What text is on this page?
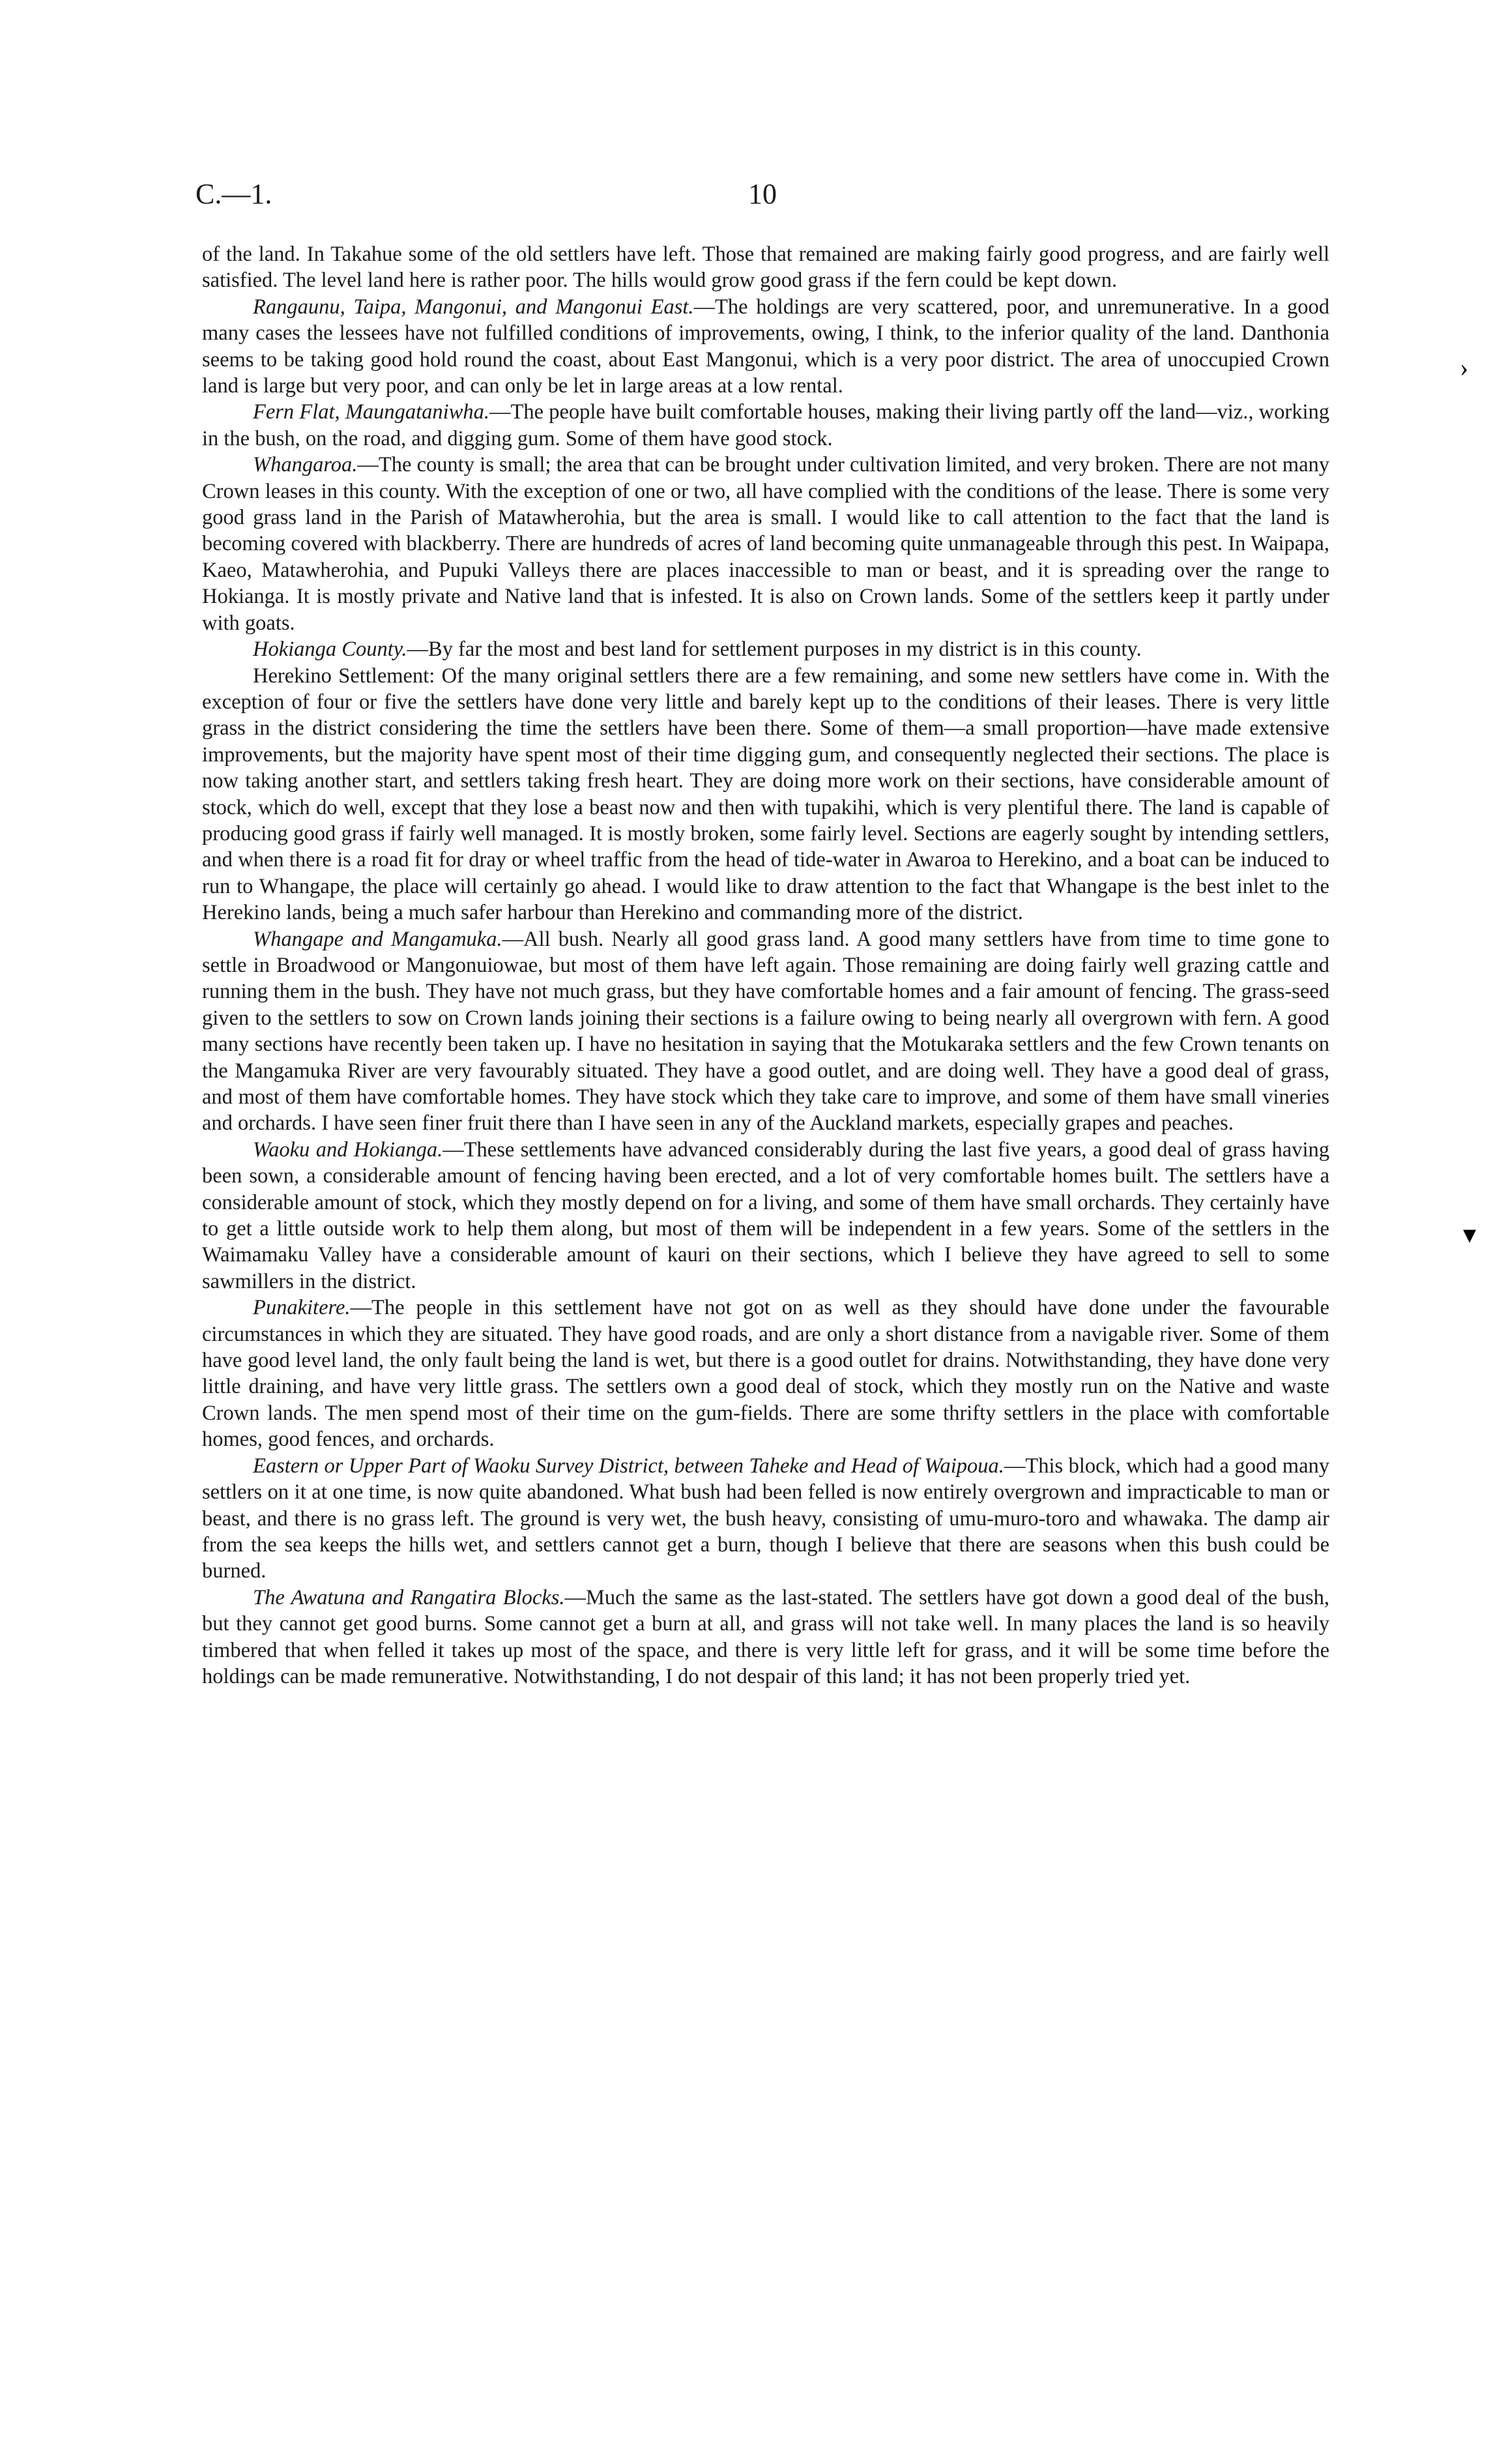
C.—1.	10

of the land. In Takahue some of the old settlers have left. Those that remained are making fairly good progress, and are fairly well satisfied. The level land here is rather poor. The hills would grow good grass if the fern could be kept down.

Rangaunu, Taipa, Mangonui, and Mangonui East.—The holdings are very scattered, poor, and unremunerative. In a good many cases the lessees have not fulfilled conditions of improvements, owing, I think, to the inferior quality of the land. Danthonia seems to be taking good hold round the coast, about East Mangonui, which is a very poor district. The area of unoccupied Crown land is large but very poor, and can only be let in large areas at a low rental.

Fern Flat, Maungataniwha.—The people have built comfortable houses, making their living partly off the land—viz., working in the bush, on the road, and digging gum. Some of them have good stock.

Whangaroa.—The county is small; the area that can be brought under cultivation limited, and very broken. There are not many Crown leases in this county. With the exception of one or two, all have complied with the conditions of the lease. There is some very good grass land in the Parish of Matawherohia, but the area is small. I would like to call attention to the fact that the land is becoming covered with blackberry. There are hundreds of acres of land becoming quite unmanageable through this pest. In Waipapa, Kaeo, Matawherohia, and Pupuki Valleys there are places inaccessible to man or beast, and it is spreading over the range to Hokianga. It is mostly private and Native land that is infested. It is also on Crown lands. Some of the settlers keep it partly under with goats.

Hokianga County.—By far the most and best land for settlement purposes in my district is in this county.

Herekino Settlement: Of the many original settlers there are a few remaining, and some new settlers have come in. With the exception of four or five the settlers have done very little and barely kept up to the conditions of their leases. There is very little grass in the district considering the time the settlers have been there. Some of them—a small proportion—have made extensive improvements, but the majority have spent most of their time digging gum, and consequently neglected their sections. The place is now taking another start, and settlers taking fresh heart. They are doing more work on their sections, have considerable amount of stock, which do well, except that they lose a beast now and then with tupakihi, which is very plentiful there. The land is capable of producing good grass if fairly well managed. It is mostly broken, some fairly level. Sections are eagerly sought by intending settlers, and when there is a road fit for dray or wheel traffic from the head of tide-water in Awaroa to Herekino, and a boat can be induced to run to Whangape, the place will certainly go ahead. I would like to draw attention to the fact that Whangape is the best inlet to the Herekino lands, being a much safer harbour than Herekino and commanding more of the district.

Whangape and Mangamuka.—All bush. Nearly all good grass land. A good many settlers have from time to time gone to settle in Broadwood or Mangonuiowae, but most of them have left again. Those remaining are doing fairly well grazing cattle and running them in the bush. They have not much grass, but they have comfortable homes and a fair amount of fencing. The grass-seed given to the settlers to sow on Crown lands joining their sections is a failure owing to being nearly all overgrown with fern. A good many sections have recently been taken up. I have no hesitation in saying that the Motukaraka settlers and the few Crown tenants on the Mangamuka River are very favourably situated. They have a good outlet, and are doing well. They have a good deal of grass, and most of them have comfortable homes. They have stock which they take care to improve, and some of them have small vineries and orchards. I have seen finer fruit there than I have seen in any of the Auckland markets, especially grapes and peaches.

Waoku and Hokianga.—These settlements have advanced considerably during the last five years, a good deal of grass having been sown, a considerable amount of fencing having been erected, and a lot of very comfortable homes built. The settlers have a considerable amount of stock, which they mostly depend on for a living, and some of them have small orchards. They certainly have to get a little outside work to help them along, but most of them will be independent in a few years. Some of the settlers in the Waimamaku Valley have a considerable amount of kauri on their sections, which I believe they have agreed to sell to some sawmillers in the district.

Punakitere.—The people in this settlement have not got on as well as they should have done under the favourable circumstances in which they are situated. They have good roads, and are only a short distance from a navigable river. Some of them have good level land, the only fault being the land is wet, but there is a good outlet for drains. Notwithstanding, they have done very little draining, and have very little grass. The settlers own a good deal of stock, which they mostly run on the Native and waste Crown lands. The men spend most of their time on the gum-fields. There are some thrifty settlers in the place with comfortable homes, good fences, and orchards.

Eastern or Upper Part of Waoku Survey District, between Taheke and Head of Waipoua.—This block, which had a good many settlers on it at one time, is now quite abandoned. What bush had been felled is now entirely overgrown and impracticable to man or beast, and there is no grass left. The ground is very wet, the bush heavy, consisting of umu-muro-toro and whawaka. The damp air from the sea keeps the hills wet, and settlers cannot get a burn, though I believe that there are seasons when this bush could be burned.

The Awatuna and Rangatira Blocks.—Much the same as the last-stated. The settlers have got down a good deal of the bush, but they cannot get good burns. Some cannot get a burn at all, and grass will not take well. In many places the land is so heavily timbered that when felled it takes up most of the space, and there is very little left for grass, and it will be some time before the holdings can be made remunerative. Notwithstanding, I do not despair of this land; it has not been properly tried yet.

›
▾
